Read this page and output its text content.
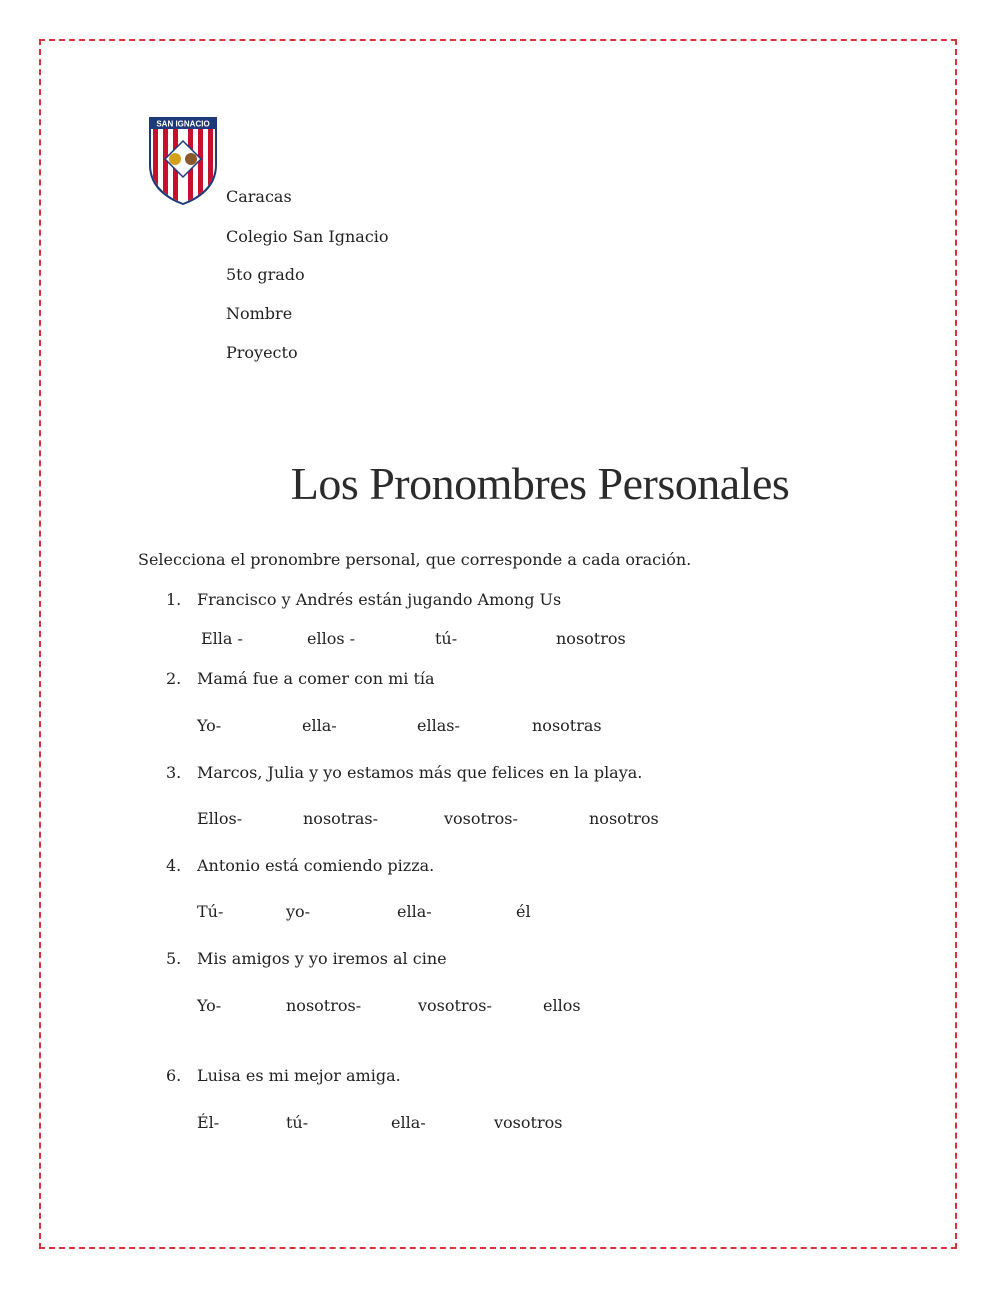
SAN IGNACIO

Caracas

Colegio San Ignacio

5to grado

Nombre

Proyecto

Los Pronombres Personales

Selecciona el pronombre personal, que corresponde a cada oración.

1. Francisco y Andrés están jugando Among Us
Ella -	ellos -	tú-	nosotros
2. Mamá fue a comer con mi tía
Yo-	ella-	ellas-	nosotras
3. Marcos, Julia y yo estamos más que felices en la playa.
Ellos-	nosotras-	vosotros-	nosotros
4. Antonio está comiendo pizza.
Tú-	yo-	ella-	él
5. Mis amigos y yo iremos al cine
Yo-	nosotros-	vosotros-	ellos
6. Luisa es mi mejor amiga.
Él-	tú-	ella-	vosotros
